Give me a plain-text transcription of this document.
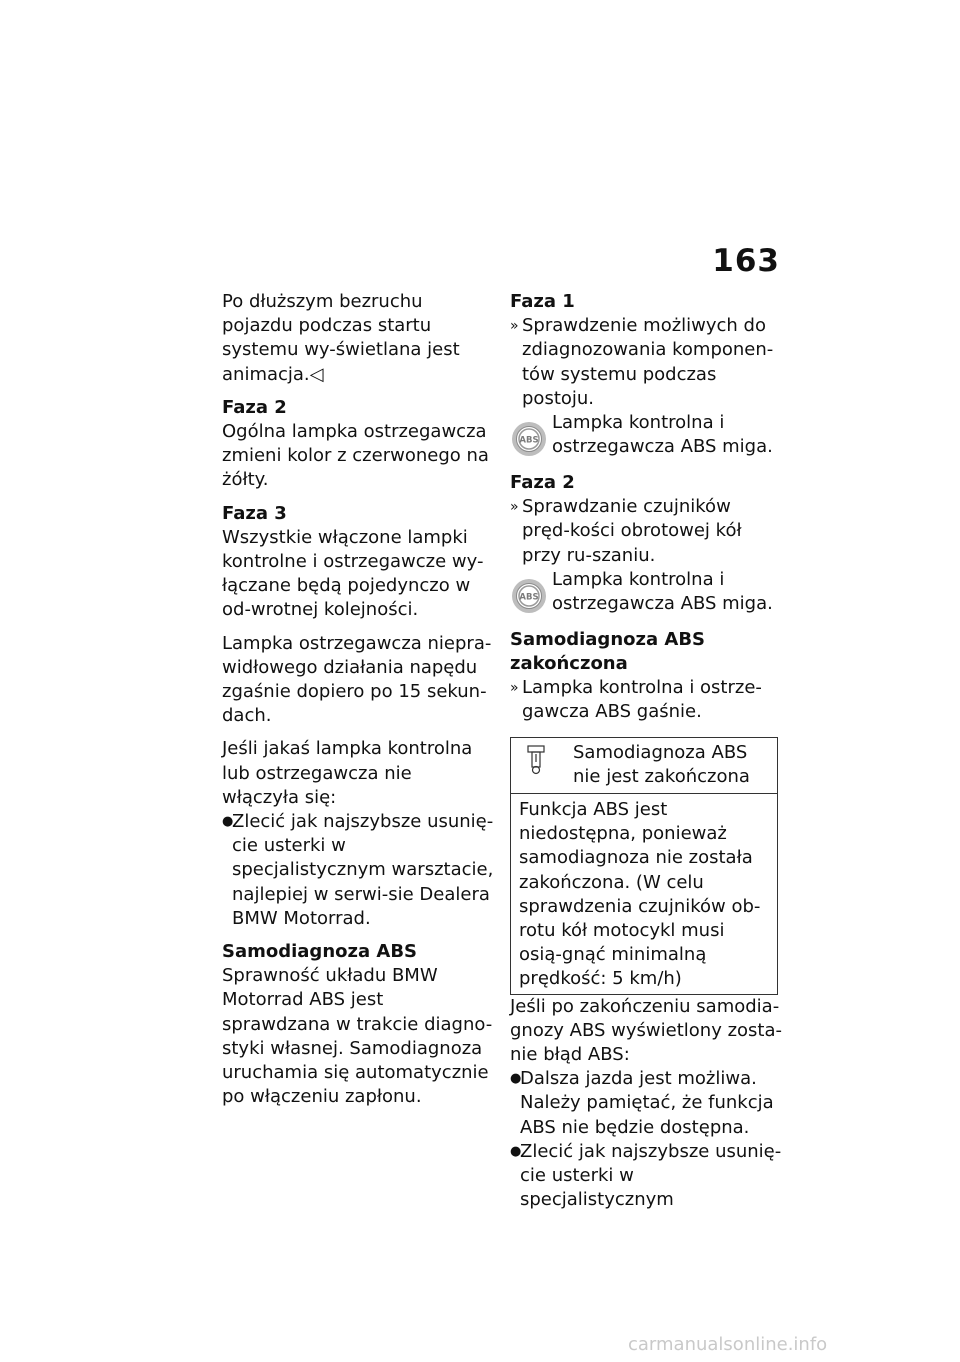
163

Po dłuższym bezruchu pojazdu podczas startu systemu wy-świetlana jest animacja.◁

Faza 2

Ogólna lampka ostrzegawcza zmieni kolor z czerwonego na żółty.

Faza 3

Wszystkie włączone lampki kontrolne i ostrzegawcze wy-łączane będą pojedynczo w od-wrotnej kolejności.

Lampka ostrzegawcza niepra-widłowego działania napędu zgaśnie dopiero po 15 sekun-dach.

Jeśli jakaś lampka kontrolna lub ostrzegawcza nie włączyła się:

●
Zlecić jak najszybsze usunię-cie usterki w specjalistycznym warsztacie, najlepiej w serwi-sie Dealera BMW Motorrad.
Samodiagnoza ABS

Sprawność układu BMW Motorrad ABS jest sprawdzana w trakcie diagno-styki własnej. Samodiagnoza uruchamia się automatycznie po włączeniu zapłonu.

Faza 1
» Sprawdzenie możliwych do zdiagnozowania komponen-tów systemu podczas postoju.
ABS
Lampka kontrolna i ostrzegawcza ABS miga.
Faza 2
» Sprawdzanie czujników pręd-kości obrotowej kół przy ru-szaniu.
ABS
Lampka kontrolna i ostrzegawcza ABS miga.
Samodiagnoza ABS
zakończona
» Lampka kontrolna i ostrze-gawcza ABS gaśnie.
Samodiagnoza ABS nie jest zakończona
Funkcja ABS jest niedostępna, ponieważ samodiagnoza nie została zakończona. (W celu sprawdzenia czujników ob-rotu kół motocykl musi osią-gnąć minimalną prędkość: 5 km/h)

Jeśli po zakończeniu samodia-gnozy ABS wyświetlony zosta-nie błąd ABS:

●
Dalsza jazda jest możliwa. Należy pamiętać, że funkcja ABS nie będzie dostępna.
●
Zlecić jak najszybsze usunię-cie usterki w specjalistycznym
carmanualsonline.info
